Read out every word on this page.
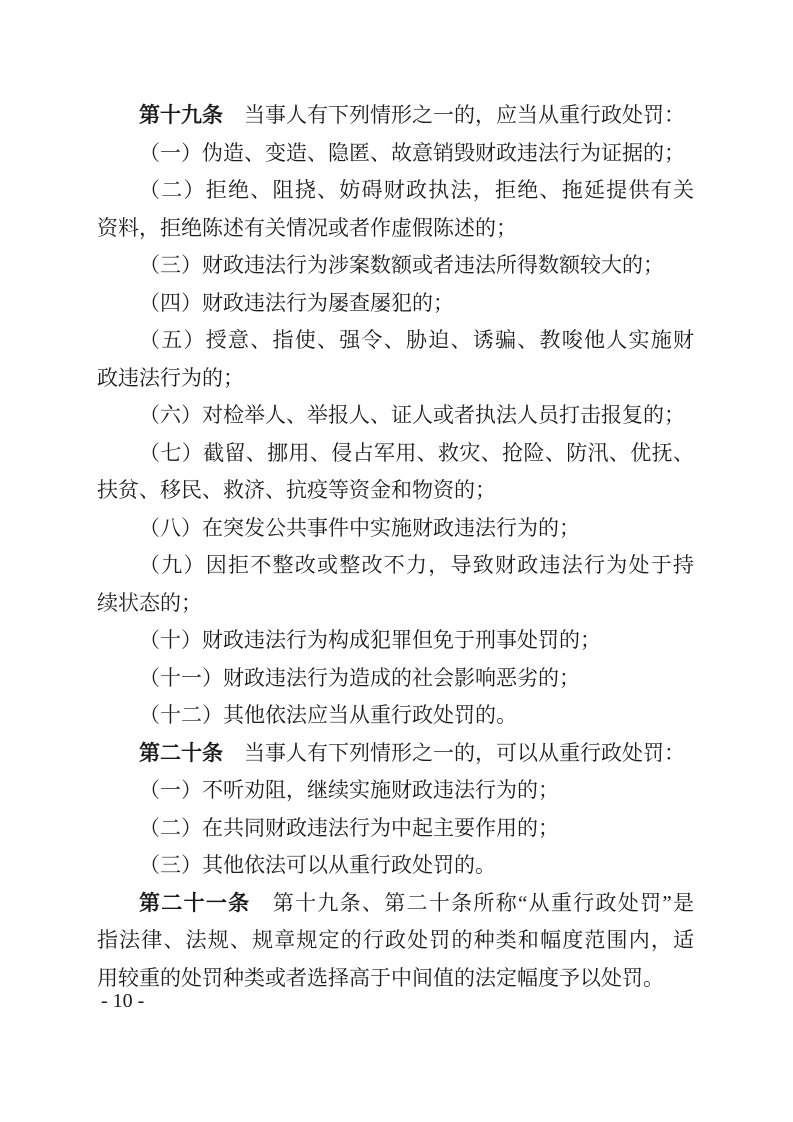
第十九条　当事人有下列情形之一的，应当从重行政处罚：
（一）伪造、变造、隐匿、故意销毁财政违法行为证据的；
（二）拒绝、阻挠、妨碍财政执法，拒绝、拖延提供有关
资料，拒绝陈述有关情况或者作虚假陈述的；
（三）财政违法行为涉案数额或者违法所得数额较大的；
（四）财政违法行为屡查屡犯的；
（五）授意、指使、强令、胁迫、诱骗、教唆他人实施财
政违法行为的；
（六）对检举人、举报人、证人或者执法人员打击报复的；
（七）截留、挪用、侵占军用、救灾、抢险、防汛、优抚、
扶贫、移民、救济、抗疫等资金和物资的；
（八）在突发公共事件中实施财政违法行为的；
（九）因拒不整改或整改不力，导致财政违法行为处于持
续状态的；
（十）财政违法行为构成犯罪但免于刑事处罚的；
（十一）财政违法行为造成的社会影响恶劣的；
（十二）其他依法应当从重行政处罚的。
第二十条　当事人有下列情形之一的，可以从重行政处罚：
（一）不听劝阻，继续实施财政违法行为的；
（二）在共同财政违法行为中起主要作用的；
（三）其他依法可以从重行政处罚的。
第二十一条　第十九条、第二十条所称“从重行政处罚”是
指法律、法规、规章规定的行政处罚的种类和幅度范围内，适
用较重的处罚种类或者选择高于中间值的法定幅度予以处罚。
- 10 -
